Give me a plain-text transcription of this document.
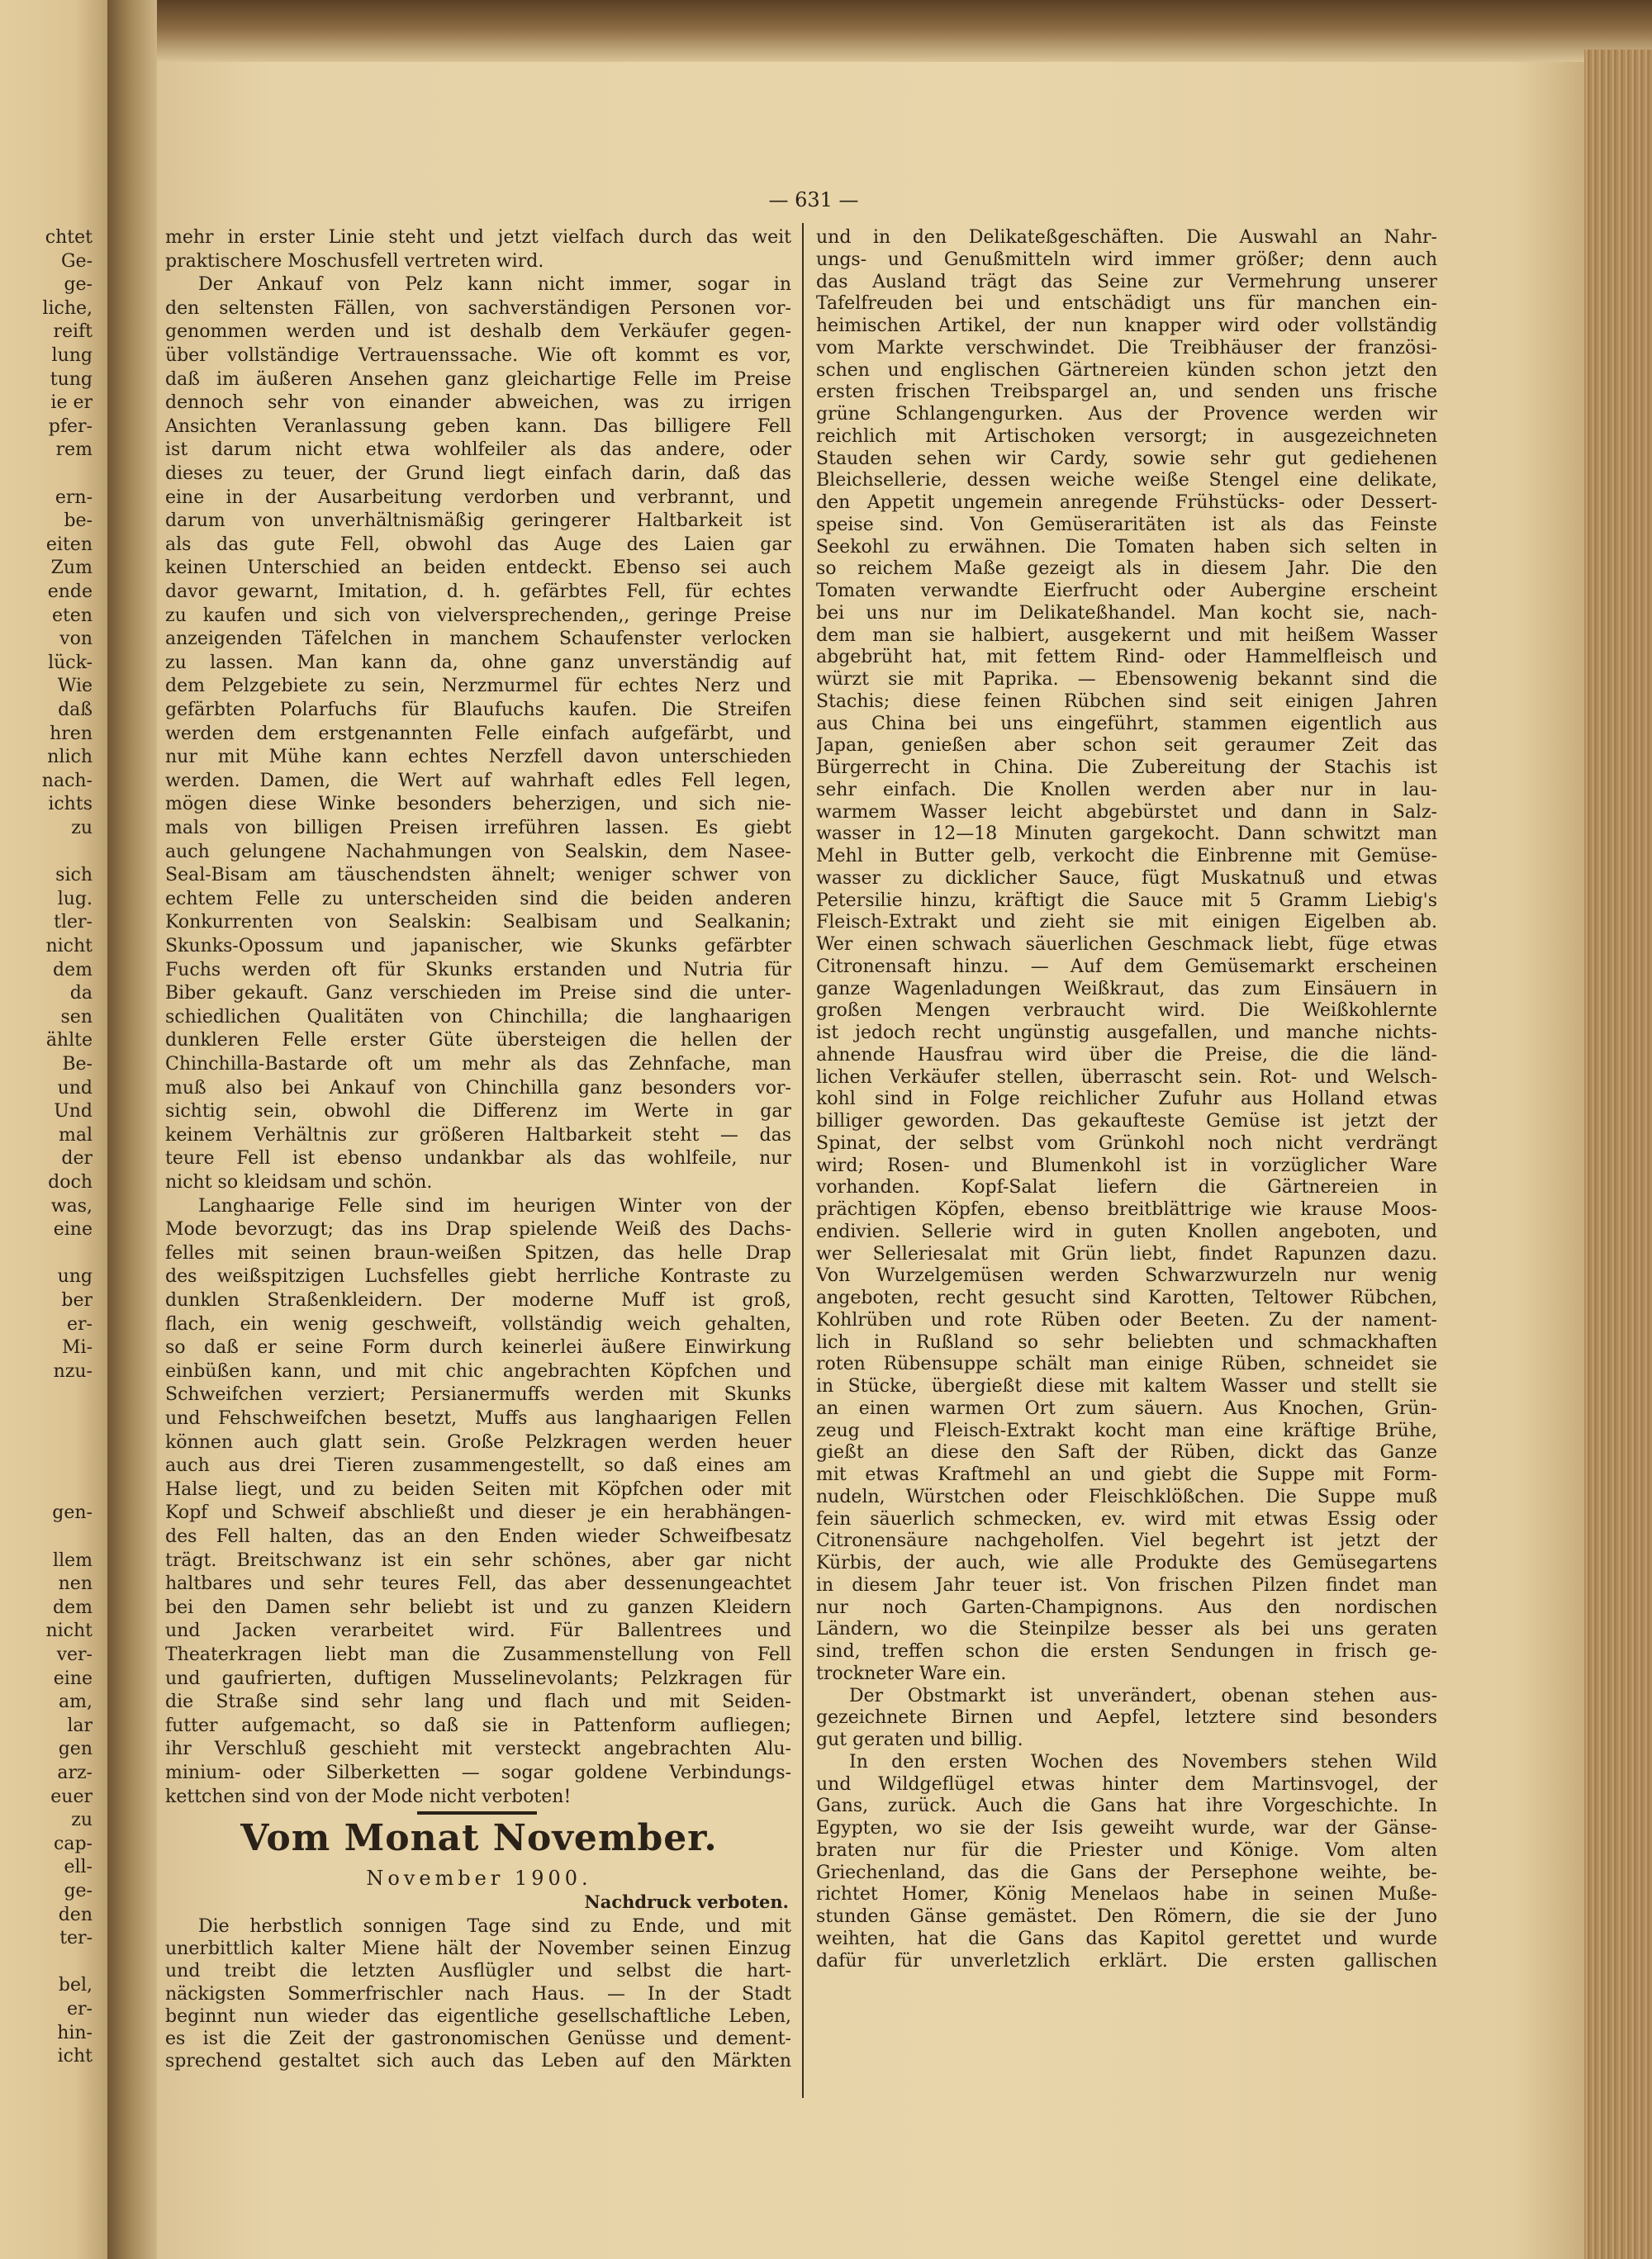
chtet
Ge-
ge-
liche,
reift
lung
tung
ie er
pfer-
rem
ern-
be-
eiten
Zum
ende
eten
von
lück-
Wie
daß
hren
nlich
nach-
ichts
zu
sich
lug.
tler-
nicht
dem
da
sen
ählte
Be-
und
Und
mal
der
doch
was,
eine
ung
ber
er-
Mi-
nzu-
gen-
llem
nen
dem
nicht
ver-
eine
am,
lar
gen
arz-
euer
zu
cap-
ell-
ge-
den
ter-
bel,
er-
hin-
icht
— 631 —
Vom Monat November.
November 1900.
Nachdruck verboten.
mehr in erster Linie steht und jetzt vielfach durch das weit
praktischere Moschusfell vertreten wird.
Der Ankauf von Pelz kann nicht immer, sogar in
den seltensten Fällen, von sachverständigen Personen vor-
genommen werden und ist deshalb dem Verkäufer gegen-
über vollständige Vertrauenssache. Wie oft kommt es vor,
daß im äußeren Ansehen ganz gleichartige Felle im Preise
dennoch sehr von einander abweichen, was zu irrigen
Ansichten Veranlassung geben kann. Das billigere Fell
ist darum nicht etwa wohlfeiler als das andere, oder
dieses zu teuer, der Grund liegt einfach darin, daß das
eine in der Ausarbeitung verdorben und verbrannt, und
darum von unverhältnismäßig geringerer Haltbarkeit ist
als das gute Fell, obwohl das Auge des Laien gar
keinen Unterschied an beiden entdeckt. Ebenso sei auch
davor gewarnt, Imitation, d. h. gefärbtes Fell, für echtes
zu kaufen und sich von vielversprechenden,, geringe Preise
anzeigenden Täfelchen in manchem Schaufenster verlocken
zu lassen. Man kann da, ohne ganz unverständig auf
dem Pelzgebiete zu sein, Nerzmurmel für echtes Nerz und
gefärbten Polarfuchs für Blaufuchs kaufen. Die Streifen
werden dem erstgenannten Felle einfach aufgefärbt, und
nur mit Mühe kann echtes Nerzfell davon unterschieden
werden. Damen, die Wert auf wahrhaft edles Fell legen,
mögen diese Winke besonders beherzigen, und sich nie-
mals von billigen Preisen irreführen lassen. Es giebt
auch gelungene Nachahmungen von Sealskin, dem Nasee-
Seal-Bisam am täuschendsten ähnelt; weniger schwer von
echtem Felle zu unterscheiden sind die beiden anderen
Konkurrenten von Sealskin: Sealbisam und Sealkanin;
Skunks-Opossum und japanischer, wie Skunks gefärbter
Fuchs werden oft für Skunks erstanden und Nutria für
Biber gekauft. Ganz verschieden im Preise sind die unter-
schiedlichen Qualitäten von Chinchilla; die langhaarigen
dunkleren Felle erster Güte übersteigen die hellen der
Chinchilla-Bastarde oft um mehr als das Zehnfache, man
muß also bei Ankauf von Chinchilla ganz besonders vor-
sichtig sein, obwohl die Differenz im Werte in gar
keinem Verhältnis zur größeren Haltbarkeit steht — das
teure Fell ist ebenso undankbar als das wohlfeile, nur
nicht so kleidsam und schön.
Langhaarige Felle sind im heurigen Winter von der
Mode bevorzugt; das ins Drap spielende Weiß des Dachs-
felles mit seinen braun-weißen Spitzen, das helle Drap
des weißspitzigen Luchsfelles giebt herrliche Kontraste zu
dunklen Straßenkleidern. Der moderne Muff ist groß,
flach, ein wenig geschweift, vollständig weich gehalten,
so daß er seine Form durch keinerlei äußere Einwirkung
einbüßen kann, und mit chic angebrachten Köpfchen und
Schweifchen verziert; Persianermuffs werden mit Skunks
und Fehschweifchen besetzt, Muffs aus langhaarigen Fellen
können auch glatt sein. Große Pelzkragen werden heuer
auch aus drei Tieren zusammengestellt, so daß eines am
Halse liegt, und zu beiden Seiten mit Köpfchen oder mit
Kopf und Schweif abschließt und dieser je ein herabhängen-
des Fell halten, das an den Enden wieder Schweifbesatz
trägt. Breitschwanz ist ein sehr schönes, aber gar nicht
haltbares und sehr teures Fell, das aber dessenungeachtet
bei den Damen sehr beliebt ist und zu ganzen Kleidern
und Jacken verarbeitet wird. Für Ballentrees und
Theaterkragen liebt man die Zusammenstellung von Fell
und gaufrierten, duftigen Musselinevolants; Pelzkragen für
die Straße sind sehr lang und flach und mit Seiden-
futter aufgemacht, so daß sie in Pattenform aufliegen;
ihr Verschluß geschieht mit versteckt angebrachten Alu-
minium- oder Silberketten — sogar goldene Verbindungs-
kettchen sind von der Mode nicht verboten!
Die herbstlich sonnigen Tage sind zu Ende, und mit
unerbittlich kalter Miene hält der November seinen Einzug
und treibt die letzten Ausflügler und selbst die hart-
näckigsten Sommerfrischler nach Haus. — In der Stadt
beginnt nun wieder das eigentliche gesellschaftliche Leben,
es ist die Zeit der gastronomischen Genüsse und dement-
sprechend gestaltet sich auch das Leben auf den Märkten
und in den Delikateßgeschäften. Die Auswahl an Nahr-
ungs- und Genußmitteln wird immer größer; denn auch
das Ausland trägt das Seine zur Vermehrung unserer
Tafelfreuden bei und entschädigt uns für manchen ein-
heimischen Artikel, der nun knapper wird oder vollständig
vom Markte verschwindet. Die Treibhäuser der französi-
schen und englischen Gärtnereien künden schon jetzt den
ersten frischen Treibspargel an, und senden uns frische
grüne Schlangengurken. Aus der Provence werden wir
reichlich mit Artischoken versorgt; in ausgezeichneten
Stauden sehen wir Cardy, sowie sehr gut gediehenen
Bleichsellerie, dessen weiche weiße Stengel eine delikate,
den Appetit ungemein anregende Frühstücks- oder Dessert-
speise sind. Von Gemüseraritäten ist als das Feinste
Seekohl zu erwähnen. Die Tomaten haben sich selten in
so reichem Maße gezeigt als in diesem Jahr. Die den
Tomaten verwandte Eierfrucht oder Aubergine erscheint
bei uns nur im Delikateßhandel. Man kocht sie, nach-
dem man sie halbiert, ausgekernt und mit heißem Wasser
abgebrüht hat, mit fettem Rind- oder Hammelfleisch und
würzt sie mit Paprika. — Ebensowenig bekannt sind die
Stachis; diese feinen Rübchen sind seit einigen Jahren
aus China bei uns eingeführt, stammen eigentlich aus
Japan, genießen aber schon seit geraumer Zeit das
Bürgerrecht in China. Die Zubereitung der Stachis ist
sehr einfach. Die Knollen werden aber nur in lau-
warmem Wasser leicht abgebürstet und dann in Salz-
wasser in 12—18 Minuten gargekocht. Dann schwitzt man
Mehl in Butter gelb, verkocht die Einbrenne mit Gemüse-
wasser zu dicklicher Sauce, fügt Muskatnuß und etwas
Petersilie hinzu, kräftigt die Sauce mit 5 Gramm Liebig's
Fleisch-Extrakt und zieht sie mit einigen Eigelben ab.
Wer einen schwach säuerlichen Geschmack liebt, füge etwas
Citronensaft hinzu. — Auf dem Gemüsemarkt erscheinen
ganze Wagenladungen Weißkraut, das zum Einsäuern in
großen Mengen verbraucht wird. Die Weißkohlernte
ist jedoch recht ungünstig ausgefallen, und manche nichts-
ahnende Hausfrau wird über die Preise, die die länd-
lichen Verkäufer stellen, überrascht sein. Rot- und Welsch-
kohl sind in Folge reichlicher Zufuhr aus Holland etwas
billiger geworden. Das gekaufteste Gemüse ist jetzt der
Spinat, der selbst vom Grünkohl noch nicht verdrängt
wird; Rosen- und Blumenkohl ist in vorzüglicher Ware
vorhanden. Kopf-Salat liefern die Gärtnereien in
prächtigen Köpfen, ebenso breitblättrige wie krause Moos-
endivien. Sellerie wird in guten Knollen angeboten, und
wer Selleriesalat mit Grün liebt, findet Rapunzen dazu.
Von Wurzelgemüsen werden Schwarzwurzeln nur wenig
angeboten, recht gesucht sind Karotten, Teltower Rübchen,
Kohlrüben und rote Rüben oder Beeten. Zu der nament-
lich in Rußland so sehr beliebten und schmackhaften
roten Rübensuppe schält man einige Rüben, schneidet sie
in Stücke, übergießt diese mit kaltem Wasser und stellt sie
an einen warmen Ort zum säuern. Aus Knochen, Grün-
zeug und Fleisch-Extrakt kocht man eine kräftige Brühe,
gießt an diese den Saft der Rüben, dickt das Ganze
mit etwas Kraftmehl an und giebt die Suppe mit Form-
nudeln, Würstchen oder Fleischklößchen. Die Suppe muß
fein säuerlich schmecken, ev. wird mit etwas Essig oder
Citronensäure nachgeholfen. Viel begehrt ist jetzt der
Kürbis, der auch, wie alle Produkte des Gemüsegartens
in diesem Jahr teuer ist. Von frischen Pilzen findet man
nur noch Garten-Champignons. Aus den nordischen
Ländern, wo die Steinpilze besser als bei uns geraten
sind, treffen schon die ersten Sendungen in frisch ge-
trockneter Ware ein.
Der Obstmarkt ist unverändert, obenan stehen aus-
gezeichnete Birnen und Aepfel, letztere sind besonders
gut geraten und billig.
In den ersten Wochen des Novembers stehen Wild
und Wildgeflügel etwas hinter dem Martinsvogel, der
Gans, zurück. Auch die Gans hat ihre Vorgeschichte. In
Egypten, wo sie der Isis geweiht wurde, war der Gänse-
braten nur für die Priester und Könige. Vom alten
Griechenland, das die Gans der Persephone weihte, be-
richtet Homer, König Menelaos habe in seinen Muße-
stunden Gänse gemästet. Den Römern, die sie der Juno
weihten, hat die Gans das Kapitol gerettet und wurde
dafür für unverletzlich erklärt. Die ersten gallischen
